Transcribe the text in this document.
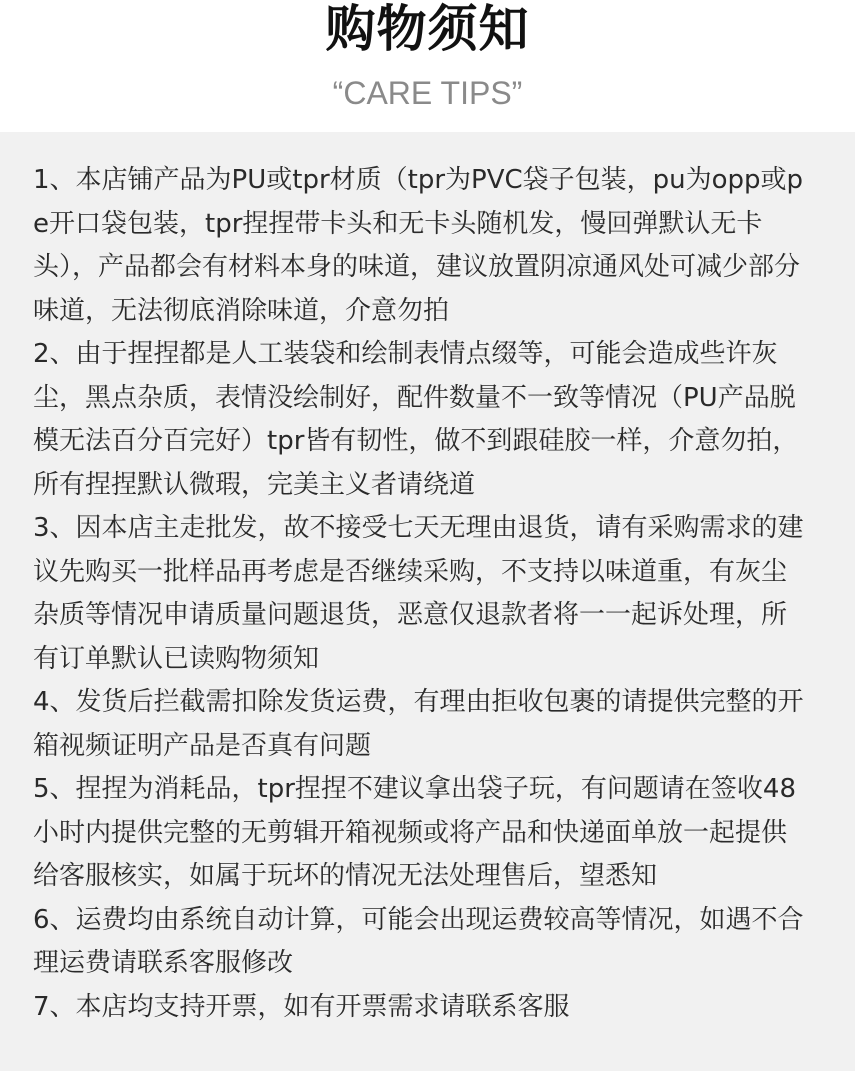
购物须知
“CARE TIPS”
1、本店铺产品为PU或tpr材质（tpr为PVC袋子包装，pu为opp或pe开口袋包装，tpr捏捏带卡头和无卡头随机发，慢回弹默认无卡头），产品都会有材料本身的味道，建议放置阴凉通风处可减少部分味道，无法彻底消除味道，介意勿拍
2、由于捏捏都是人工装袋和绘制表情点缀等，可能会造成些许灰尘，黑点杂质，表情没绘制好，配件数量不一致等情况（PU产品脱模无法百分百完好）tpr皆有韧性，做不到跟硅胶一样，介意勿拍，所有捏捏默认微瑕，完美主义者请绕道
3、因本店主走批发，故不接受七天无理由退货，请有采购需求的建议先购买一批样品再考虑是否继续采购，不支持以味道重，有灰尘杂质等情况申请质量问题退货，恶意仅退款者将一一起诉处理，所有订单默认已读购物须知
4、发货后拦截需扣除发货运费，有理由拒收包裹的请提供完整的开箱视频证明产品是否真有问题
5、捏捏为消耗品，tpr捏捏不建议拿出袋子玩，有问题请在签收48小时内提供完整的无剪辑开箱视频或将产品和快递面单放一起提供给客服核实，如属于玩坏的情况无法处理售后，望悉知
6、运费均由系统自动计算，可能会出现运费较高等情况，如遇不合理运费请联系客服修改
7、本店均支持开票，如有开票需求请联系客服
